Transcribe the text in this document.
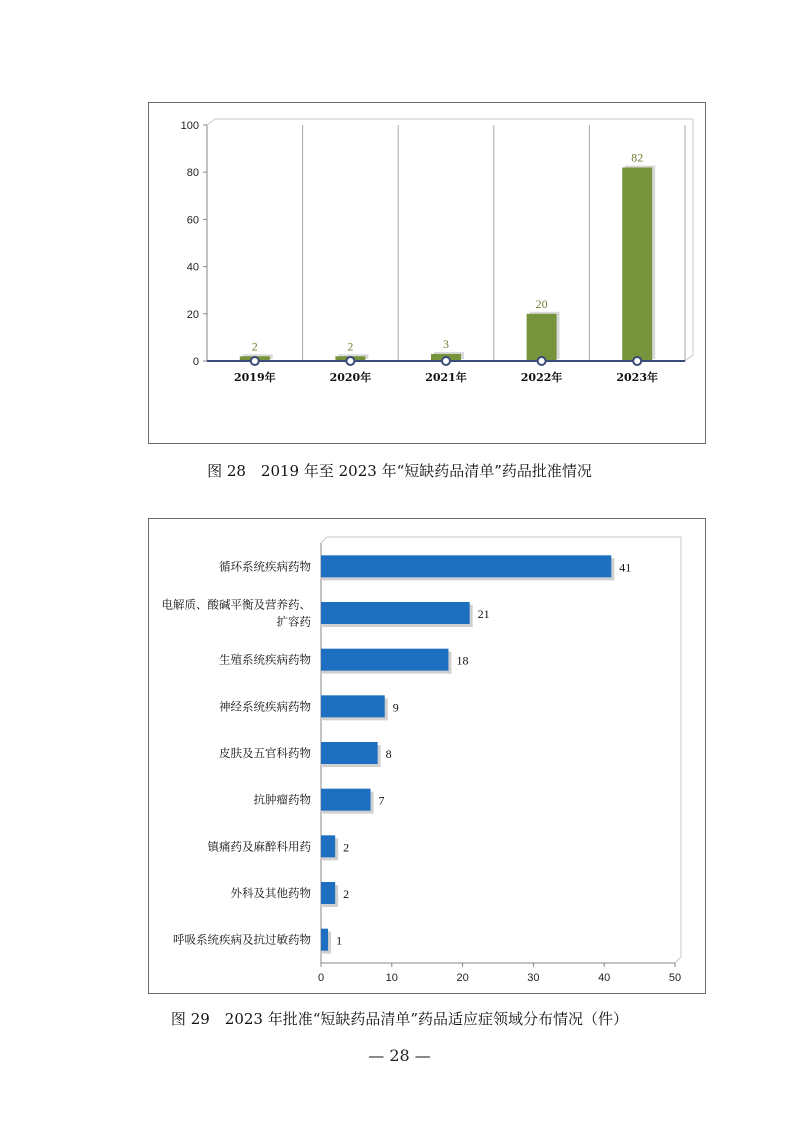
0
20
40
60
80
100
2
2019年
2
2020年
3
2021年
20
2022年
82
2023年
图 28　2019 年至 2023 年“短缺药品清单”药品批准情况
0	10	20	30	40	50
41
循环系统疾病药物
21
电解质、酸碱平衡及营养药、
扩容药
18
生殖系统疾病药物
9
神经系统疾病药物
8
皮肤及五官科药物
7
抗肿瘤药物
2
镇痛药及麻醉科用药
2
外科及其他药物
1
呼吸系统疾病及抗过敏药物
图 29　2023 年批准“短缺药品清单”药品适应症领域分布情况（件）
— 28 —
